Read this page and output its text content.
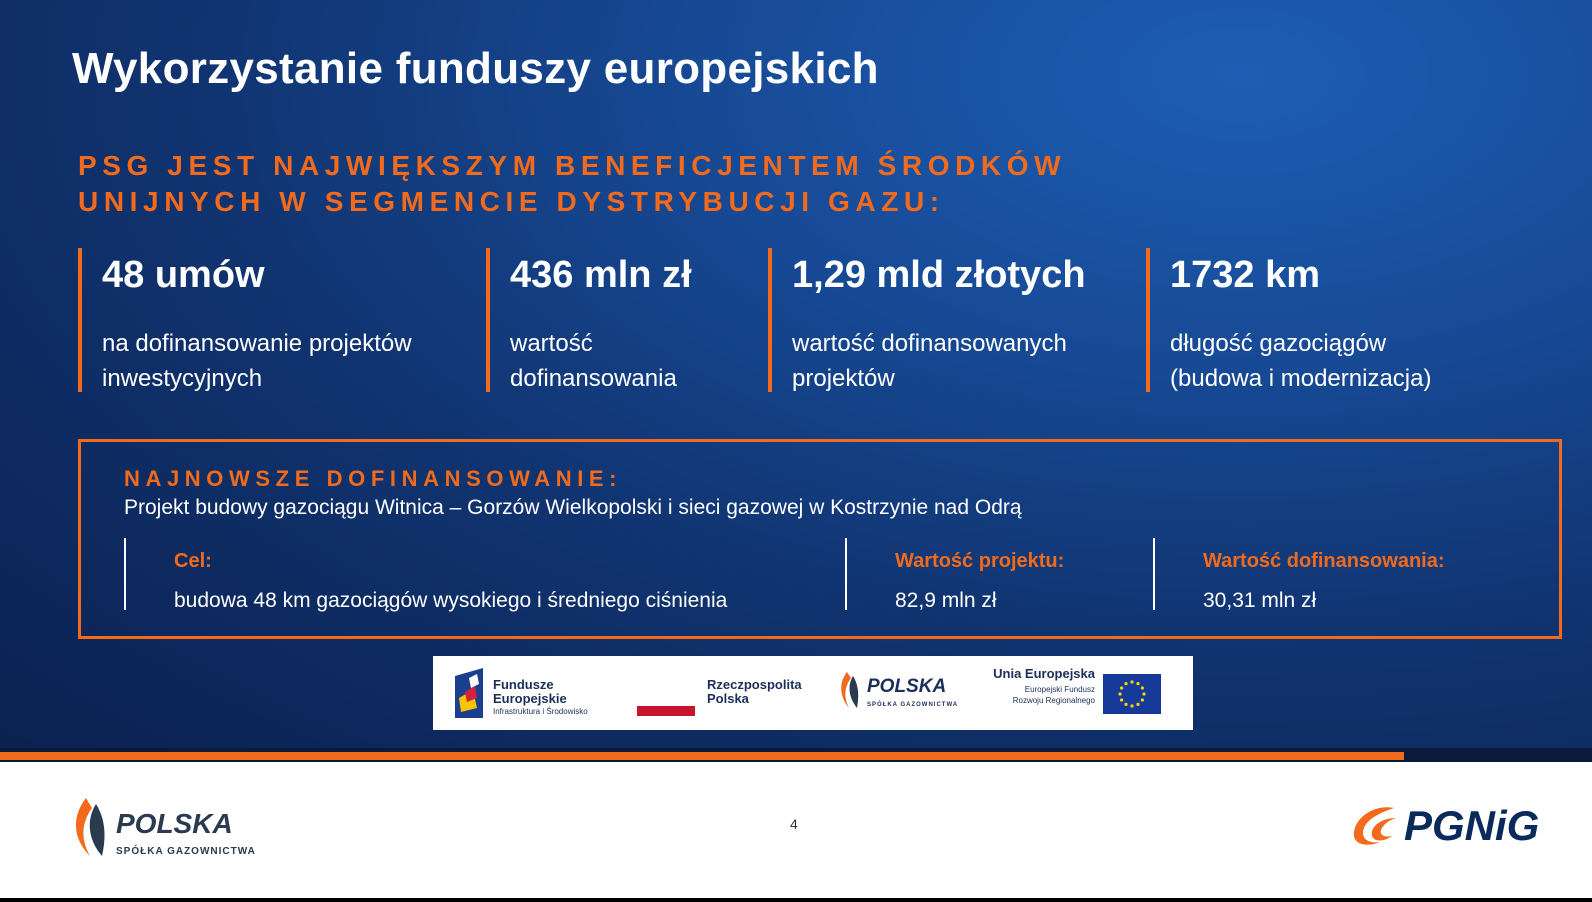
Wykorzystanie funduszy europejskich
PSG JEST NAJWIĘKSZYM BENEFICJENTEM ŚRODKÓW
UNIJNYCH W SEGMENCIE DYSTRYBUCJI GAZU:
48 umów
na dofinansowanie projektów
inwestycyjnych
436 mln zł
wartość
dofinansowania
1,29 mld złotych
wartość dofinansowanych
projektów
1732 km
długość gazociągów
(budowa i modernizacja)
NAJNOWSZE DOFINANSOWANIE:
Projekt budowy gazociągu Witnica – Gorzów Wielkopolski i sieci gazowej w Kostrzynie nad Odrą
Cel:
budowa 48 km gazociągów wysokiego i średniego ciśnienia
Wartość projektu:
82,9 mln zł
Wartość dofinansowania:
30,31 mln zł
Fundusze
Europejskie
Infrastruktura i Środowisko
Rzeczpospolita
Polska
POLSKA
SPÓŁKA GAZOWNICTWA
Unia Europejska
Europejski Fundusz
Rozwoju Regionalnego
POLSKA
SPÓŁKA GAZOWNICTWA
4	PGNiG
